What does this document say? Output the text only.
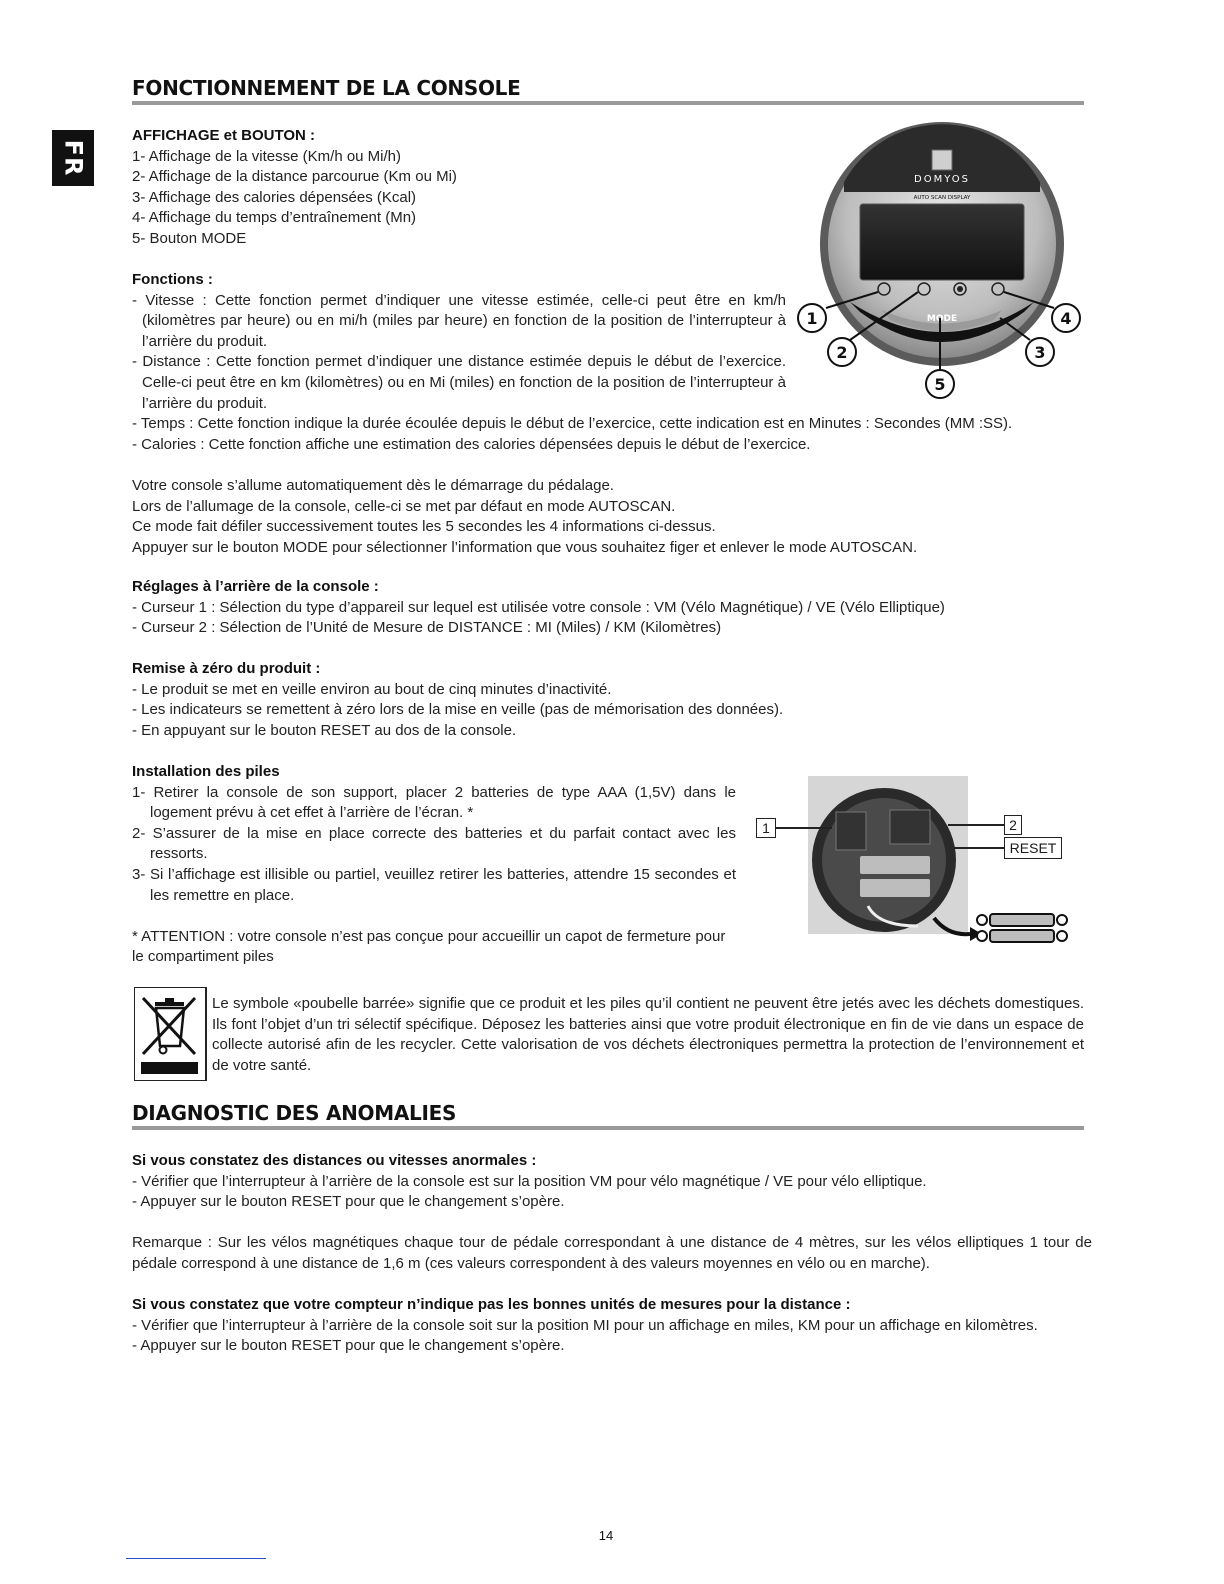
FR
FONCTIONNEMENT DE LA CONSOLE

AFFICHAGE et BOUTON :

1- Affichage de la vitesse (Km/h ou Mi/h)

2- Affichage de la distance parcourue (Km ou Mi)

3- Affichage des calories dépensées (Kcal)

4- Affichage du temps d’entraînement (Mn)

5- Bouton MODE

Fonctions :

- Vitesse : Cette fonction permet d’indiquer une vitesse estimée, celle-ci peut être en km/h (kilomètres par heure) ou en mi/h (miles par heure) en fonction de la position de l’interrupteur à l’arrière du produit.

- Distance : Cette fonction permet d’indiquer une distance estimée depuis le début de l’exercice. Celle-ci peut être en km (kilomètres) ou en Mi (miles) en fonction de la position de l’interrupteur à l’arrière du produit.

- Temps : Cette fonction indique la durée écoulée depuis le début de l’exercice, cette indication est en Minutes : Secondes (MM :SS).

- Calories : Cette fonction affiche une estimation des calories dépensées depuis le début de l’exercice.

DOMYOS
AUTO SCAN DISPLAY
MODE
1
2	3
4
5

Votre console s’allume automatiquement dès le démarrage du pédalage.

Lors de l’allumage de la console, celle-ci se met par défaut en mode AUTOSCAN.

Ce mode fait défiler successivement toutes les 5 secondes les 4 informations ci-dessus.

Appuyer sur le bouton MODE pour sélectionner l’information que vous souhaitez figer et enlever le mode AUTOSCAN.

Réglages à l’arrière de la console :

- Curseur 1 : Sélection du type d’appareil sur lequel est utilisée votre console : VM (Vélo Magnétique) / VE (Vélo Elliptique)

- Curseur 2 : Sélection de l’Unité de Mesure de DISTANCE : MI (Miles) / KM (Kilomètres)

Remise à zéro du produit :

- Le produit se met en veille environ au bout de cinq minutes d’inactivité.

- Les indicateurs se remettent à zéro lors de la mise en veille (pas de mémorisation des données).

- En appuyant sur le bouton RESET au dos de la console.

Installation des piles

1- Retirer la console de son support, placer 2 batteries de type AAA (1,5V) dans le logement prévu à cet effet à l’arrière de l’écran. *

2- S’assurer de la mise en place correcte des batteries et du parfait contact avec les ressorts.

3- Si l’affichage est illisible ou partiel, veuillez retirer les batteries, attendre 15 secondes et les remettre en place.

* ATTENTION : votre console n’est pas conçue pour accueillir un capot de fermeture pour le compartiment piles

1	2
RESET
Le symbole «poubelle barrée» signifie que ce produit et les piles qu’il contient ne peuvent être jetés avec les déchets domestiques. Ils font l’objet d’un tri sélectif spécifique. Déposez les batteries ainsi que votre produit électronique en fin de vie dans un espace de collecte autorisé afin de les recycler. Cette valorisation de vos déchets électroniques permettra la protection de l’environnement et de votre santé.
DIAGNOSTIC DES ANOMALIES

Si vous constatez des distances ou vitesses anormales :

- Vérifier que l’interrupteur à l’arrière de la console est sur la position VM pour vélo magnétique / VE pour vélo elliptique.

- Appuyer sur le bouton RESET pour que le changement s’opère.

Remarque : Sur les vélos magnétiques chaque tour de pédale correspondant à une distance de 4 mètres, sur les vélos elliptiques 1 tour de pédale correspond à une distance de 1,6 m (ces valeurs correspondent à des valeurs moyennes en vélo ou en marche).

Si vous constatez que votre compteur n’indique pas les bonnes unités de mesures pour la distance :

- Vérifier que l’interrupteur à l’arrière de la console soit sur la position MI pour un affichage en miles, KM pour un affichage en kilomètres.

- Appuyer sur le bouton RESET pour que le changement s’opère.

14
